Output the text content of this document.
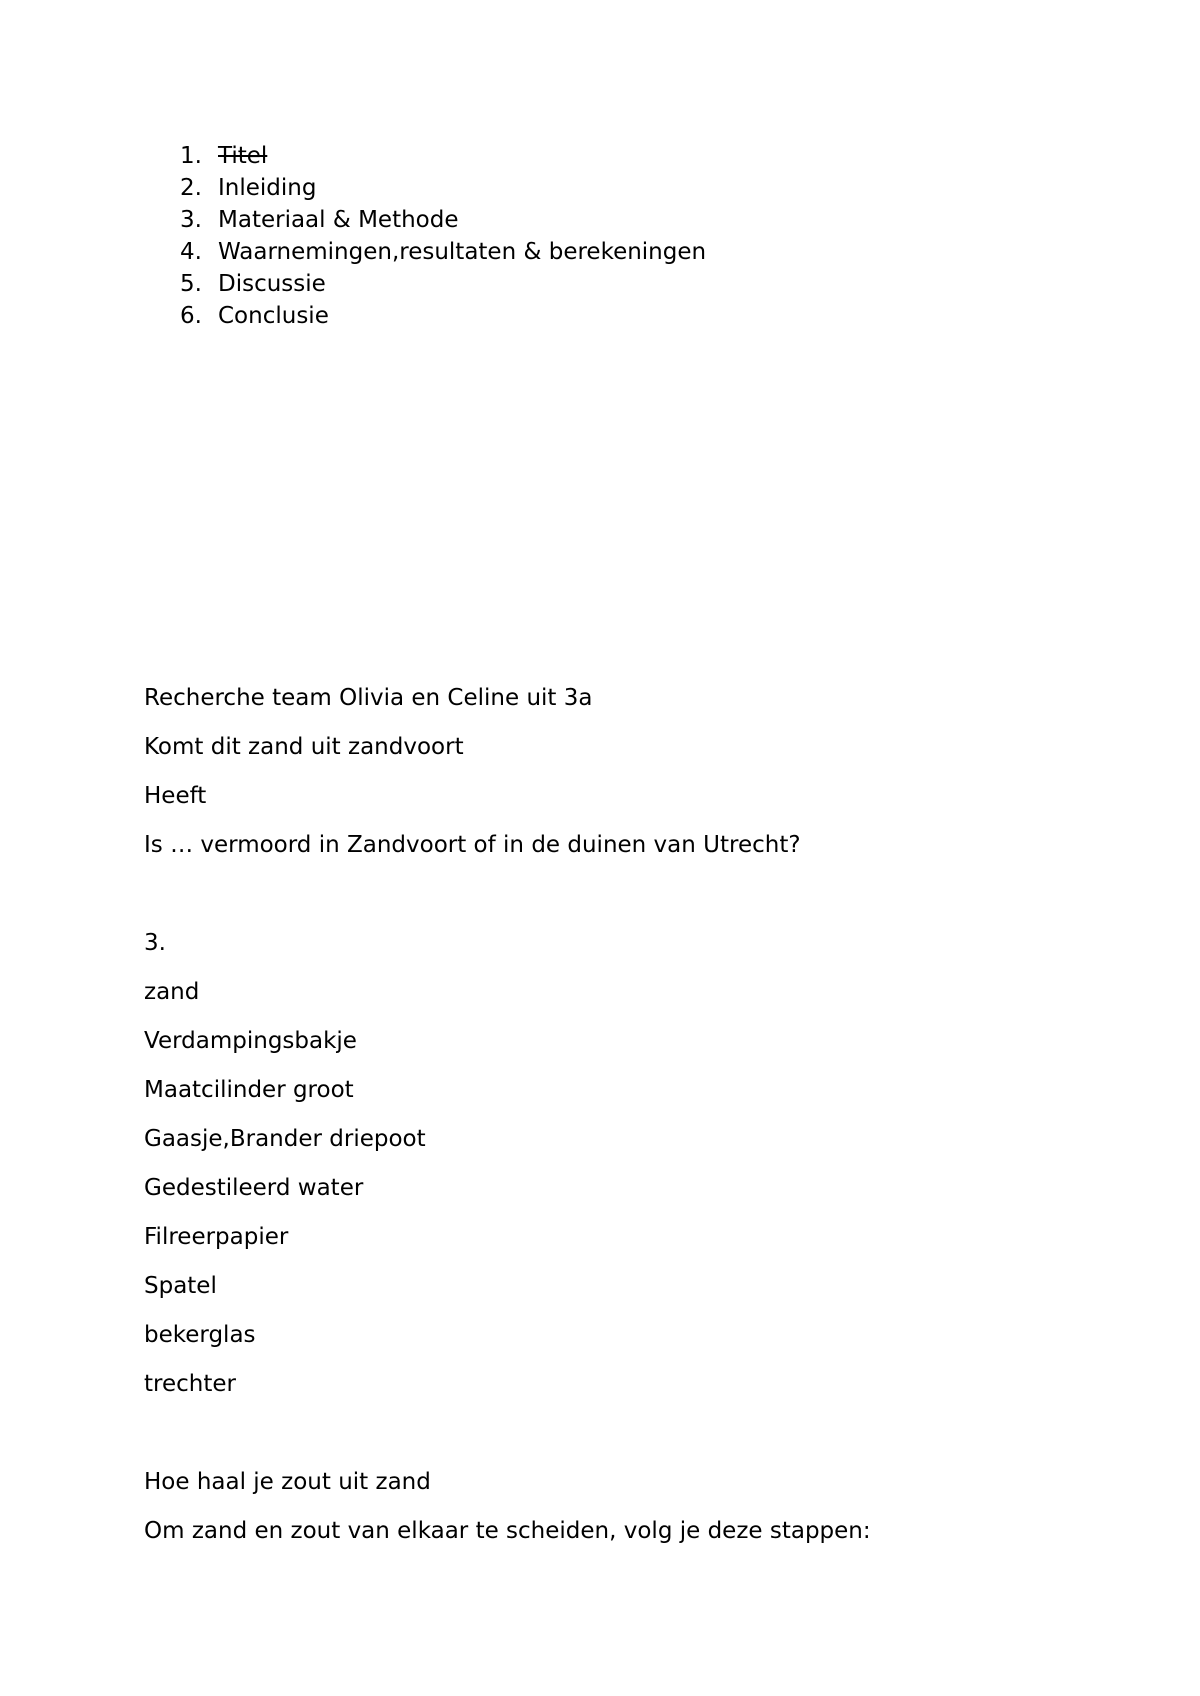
1. Titel
2. Inleiding
3. Materiaal & Methode
4. Waarnemingen,resultaten & berekeningen
5. Discussie
6. Conclusie
Recherche team Olivia en Celine uit 3a
Komt dit zand uit zandvoort
Heeft
Is … vermoord in Zandvoort of in de duinen van Utrecht?
3.
zand
Verdampingsbakje
Maatcilinder groot
Gaasje,Brander driepoot
Gedestileerd water
Filreerpapier
Spatel
bekerglas
trechter
Hoe haal je zout uit zand
Om zand en zout van elkaar te scheiden, volg je deze stappen:
